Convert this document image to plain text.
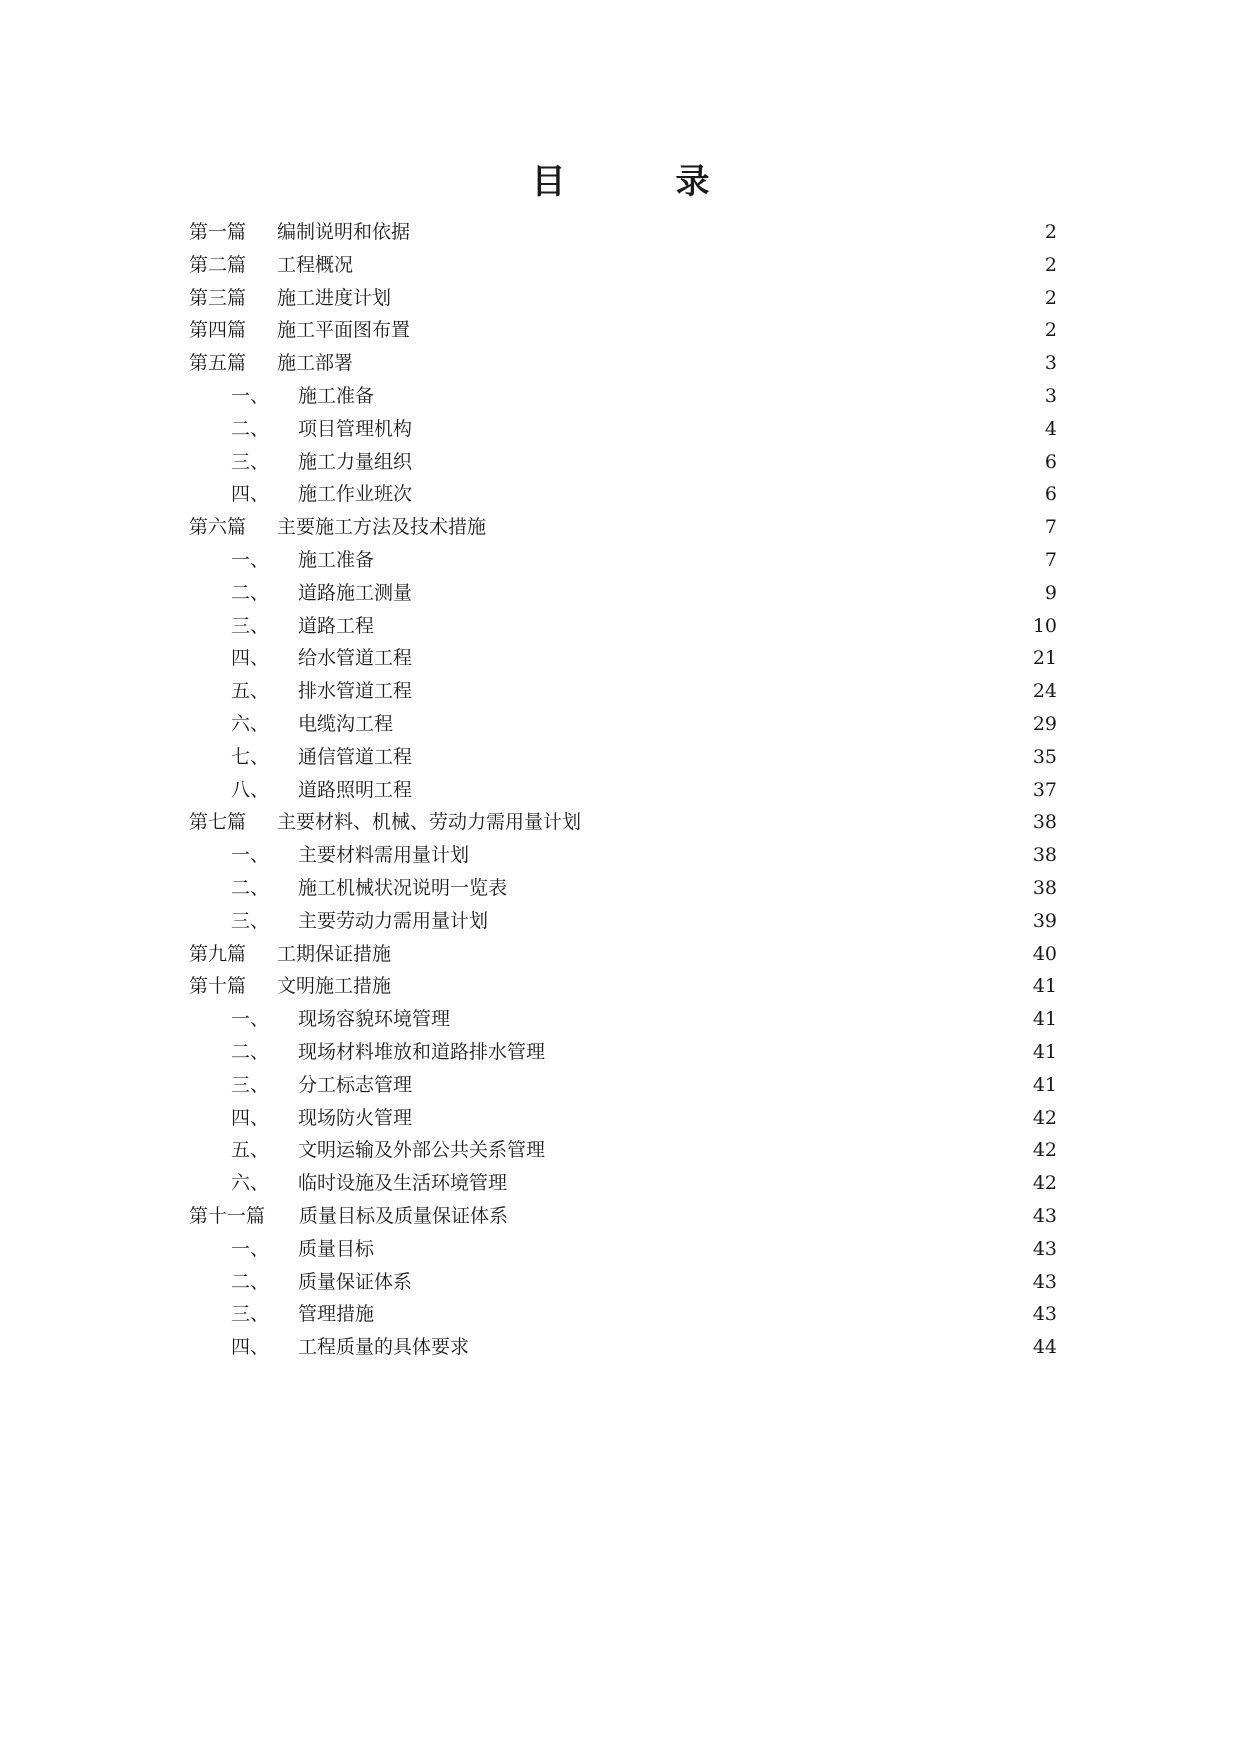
目　录
第一篇	编制说明和依据	2
第二篇	工程概况	2
第三篇	施工进度计划	2
第四篇	施工平面图布置	2
第五篇	施工部署	3
一、	施工准备	3
二、	项目管理机构	4
三、	施工力量组织	6
四、	施工作业班次	6
第六篇	主要施工方法及技术措施	7
一、	施工准备	7
二、	道路施工测量	9
三、	道路工程	10
四、	给水管道工程	21
五、	排水管道工程	24
六、	电缆沟工程	29
七、	通信管道工程	35
八、	道路照明工程	37
第七篇	主要材料、机械、劳动力需用量计划	38
一、	主要材料需用量计划	38
二、	施工机械状况说明一览表	38
三、	主要劳动力需用量计划	39
第九篇	工期保证措施	40
第十篇	文明施工措施	41
一、	现场容貌环境管理	41
二、	现场材料堆放和道路排水管理	41
三、	分工标志管理	41
四、	现场防火管理	42
五、	文明运输及外部公共关系管理	42
六、	临时设施及生活环境管理	42
第十一篇	质量目标及质量保证体系	43
一、	质量目标	43
二、	质量保证体系	43
三、	管理措施	43
四、	工程质量的具体要求	44
